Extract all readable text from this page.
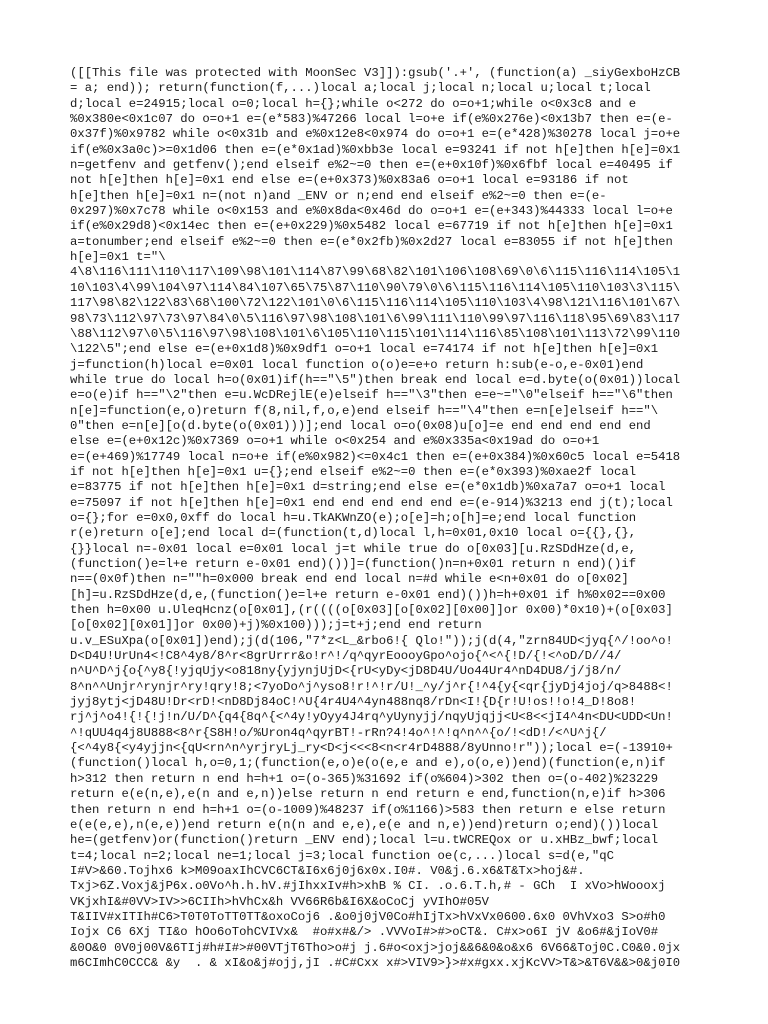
([[This file was protected with MoonSec V3]]):gsub('.+', (function(a) _siyGexboHzCB
= a; end)); return(function(f,...)local a;local j;local n;local u;local t;local
d;local e=24915;local o=0;local h={};while o<272 do o=o+1;while o<0x3c8 and e
%0x380e<0x1c07 do o=o+1 e=(e*583)%47266 local l=o+e if(e%0x276e)<0x13b7 then e=(e-
0x37f)%0x9782 while o<0x31b and e%0x12e8<0x974 do o=o+1 e=(e*428)%30278 local j=o+e
if(e%0x3a0c)>=0x1d06 then e=(e*0x1ad)%0xbb3e local e=93241 if not h[e]then h[e]=0x1
n=getfenv and getfenv();end elseif e%2~=0 then e=(e+0x10f)%0x6fbf local e=40495 if
not h[e]then h[e]=0x1 end else e=(e+0x373)%0x83a6 o=o+1 local e=93186 if not
h[e]then h[e]=0x1 n=(not n)and _ENV or n;end end elseif e%2~=0 then e=(e-
0x297)%0x7c78 while o<0x153 and e%0x8da<0x46d do o=o+1 e=(e+343)%44333 local l=o+e
if(e%0x29d8)<0x14ec then e=(e+0x229)%0x5482 local e=67719 if not h[e]then h[e]=0x1
a=tonumber;end elseif e%2~=0 then e=(e*0x2fb)%0x2d27 local e=83055 if not h[e]then
h[e]=0x1 t="\
4\8\116\111\110\117\109\98\101\114\87\99\68\82\101\106\108\69\0\6\115\116\114\105\1
10\103\4\99\104\97\114\84\107\65\75\87\110\90\79\0\6\115\116\114\105\110\103\3\115\
117\98\82\122\83\68\100\72\122\101\0\6\115\116\114\105\110\103\4\98\121\116\101\67\
98\73\112\97\73\97\84\0\5\116\97\98\108\101\6\99\111\110\99\97\116\118\95\69\83\117
\88\112\97\0\5\116\97\98\108\101\6\105\110\115\101\114\116\85\108\101\113\72\99\110
\122\5";end else e=(e+0x1d8)%0x9df1 o=o+1 local e=74174 if not h[e]then h[e]=0x1
j=function(h)local e=0x01 local function o(o)e=e+o return h:sub(e-o,e-0x01)end
while true do local h=o(0x01)if(h=="\5")then break end local e=d.byte(o(0x01))local
e=o(e)if h=="\2"then e=u.WcDRejlE(e)elseif h=="\3"then e=e~="\0"elseif h=="\6"then
n[e]=function(e,o)return f(8,nil,f,o,e)end elseif h=="\4"then e=n[e]elseif h=="\
0"then e=n[e][o(d.byte(o(0x01)))];end local o=o(0x08)u[o]=e end end end end end
else e=(e+0x12c)%0x7369 o=o+1 while o<0x254 and e%0x335a<0x19ad do o=o+1
e=(e+469)%17749 local n=o+e if(e%0x982)<=0x4c1 then e=(e+0x384)%0x60c5 local e=5418
if not h[e]then h[e]=0x1 u={};end elseif e%2~=0 then e=(e*0x393)%0xae2f local
e=83775 if not h[e]then h[e]=0x1 d=string;end else e=(e*0x1db)%0xa7a7 o=o+1 local
e=75097 if not h[e]then h[e]=0x1 end end end end end e=(e-914)%3213 end j(t);local
o={};for e=0x0,0xff do local h=u.TkAKWnZO(e);o[e]=h;o[h]=e;end local function
r(e)return o[e];end local d=(function(t,d)local l,h=0x01,0x10 local o={{},{},
{}}local n=-0x01 local e=0x01 local j=t while true do o[0x03][u.RzSDdHze(d,e,
(function()e=l+e return e-0x01 end)())]=(function()n=n+0x01 return n end)()if
n==(0x0f)then n=""h=0x000 break end end local n=#d while e<n+0x01 do o[0x02]
[h]=u.RzSDdHze(d,e,(function()e=l+e return e-0x01 end)())h=h+0x01 if h%0x02==0x00
then h=0x00 u.UleqHcnz(o[0x01],(r((((o[0x03][o[0x02][0x00]]or 0x00)*0x10)+(o[0x03]
[o[0x02][0x01]]or 0x00)+j)%0x100)));j=t+j;end end return
u.v_ESuXpa(o[0x01])end);j(d(106,"7*z<L_&rbo6!{ Qlo!"));j(d(4,"zrn84UD<jyq{^/!oo^o!
D<D4U!UrUn4<!C8^4y8/8^r<8grUrrr&o!r^!/q^qyrEoooyGpo^ojo{^<^{!D/{!<^oD/D//4/
n^U^D^j{o{^y8{!yjqUjy<o818ny{yjynjUjD<{rU<yDy<jD8D4U/Uo44Ur4^nD4DU8/j/j8/n/
8^n^^Unjr^rynjr^ry!qry!8;<7yoDo^j^yso8!r!^!r/U!_^y/j^r{!^4{y{<qr{jyDj4joj/q>8488<!
jyj8ytj<jD48U!Dr<rD!<nD8Dj84oC!^U{4r4U4^4yn488nq8/rDn<I!{D{r!U!os!!o!4_D!8o8!
rj^j^o4!{!{!j!n/U/D^{q4{8q^{<^4y!yOyy4J4rq^yUynyjj/nqyUjqjj<U<8<<jI4^4n<DU<UDD<Un!
^!qUU4q4j8U888<8^r{S8H!o/%Uron4q^qyrBT!-rRn?4!4o^!^!q^n^^{o/!<dD!/<^U^j{/
{<^4y8{<y4yjjn<{qU<rn^n^yrjryLj_ry<D<j<<<8<n<r4rD4888/8yUnno!r"));local e=(-13910+
(function()local h,o=0,1;(function(e,o)e(o(e,e and e),o(o,e))end)(function(e,n)if
h>312 then return n end h=h+1 o=(o-365)%31692 if(o%604)>302 then o=(o-402)%23229
return e(e(n,e),e(n and e,n))else return n end return e end,function(n,e)if h>306
then return n end h=h+1 o=(o-1009)%48237 if(o%1166)>583 then return e else return
e(e(e,e),n(e,e))end return e(n(n and e,e),e(e and n,e))end)return o;end)())local
he=(getfenv)or(function()return _ENV end);local l=u.tWCREQox or u.xHBz_bwf;local
t=4;local n=2;local ne=1;local j=3;local function oe(c,...)local s=d(e,"qC
I#V>&60.Tojhx6 k>M09oaxIhCVC6CT&I6x6j0j6x0x.I0#. V0&j.6.x6&T&Tx>hoj&#.
Txj>6Z.Voxj&jP6x.o0Vo^h.h.hV.#jIhxxIv#h>xhB % CI. .o.6.T.h,# - GCh  I xVo>hWoooxj
VKjxhI&#0VV>IV>>6CIIh>hVhCx&h VV66R6b&I6X&oCoCj yVIhO#05V
T&IIV#xITIh#C6>T0T0ToTT0TT&oxoCoj6 .&o0j0jV0Co#hIjTx>hVxVx0600.6x0 0VhVxo3 S>o#h0
Iojx C6 6Xj TI&o hOo6oTohCVIVx&  #o#x#&/> .VVVoI#>#>oCT&. C#x>o6I jV &o6#&jIoV0#
&0O&0 0V0j00V&6TIj#h#I#>#00VTjT6Tho>o#j j.6#o<oxj>joj&&6&0&o&x6 6V66&Toj0C.C0&0.0jx
m6CImhC0CCC& &y  . & xI&o&j#ojj,jI .#C#Cxx x#>VIV9>}>#x#gxx.xjKcVV>T&>&T6V&&>0&j0I0
